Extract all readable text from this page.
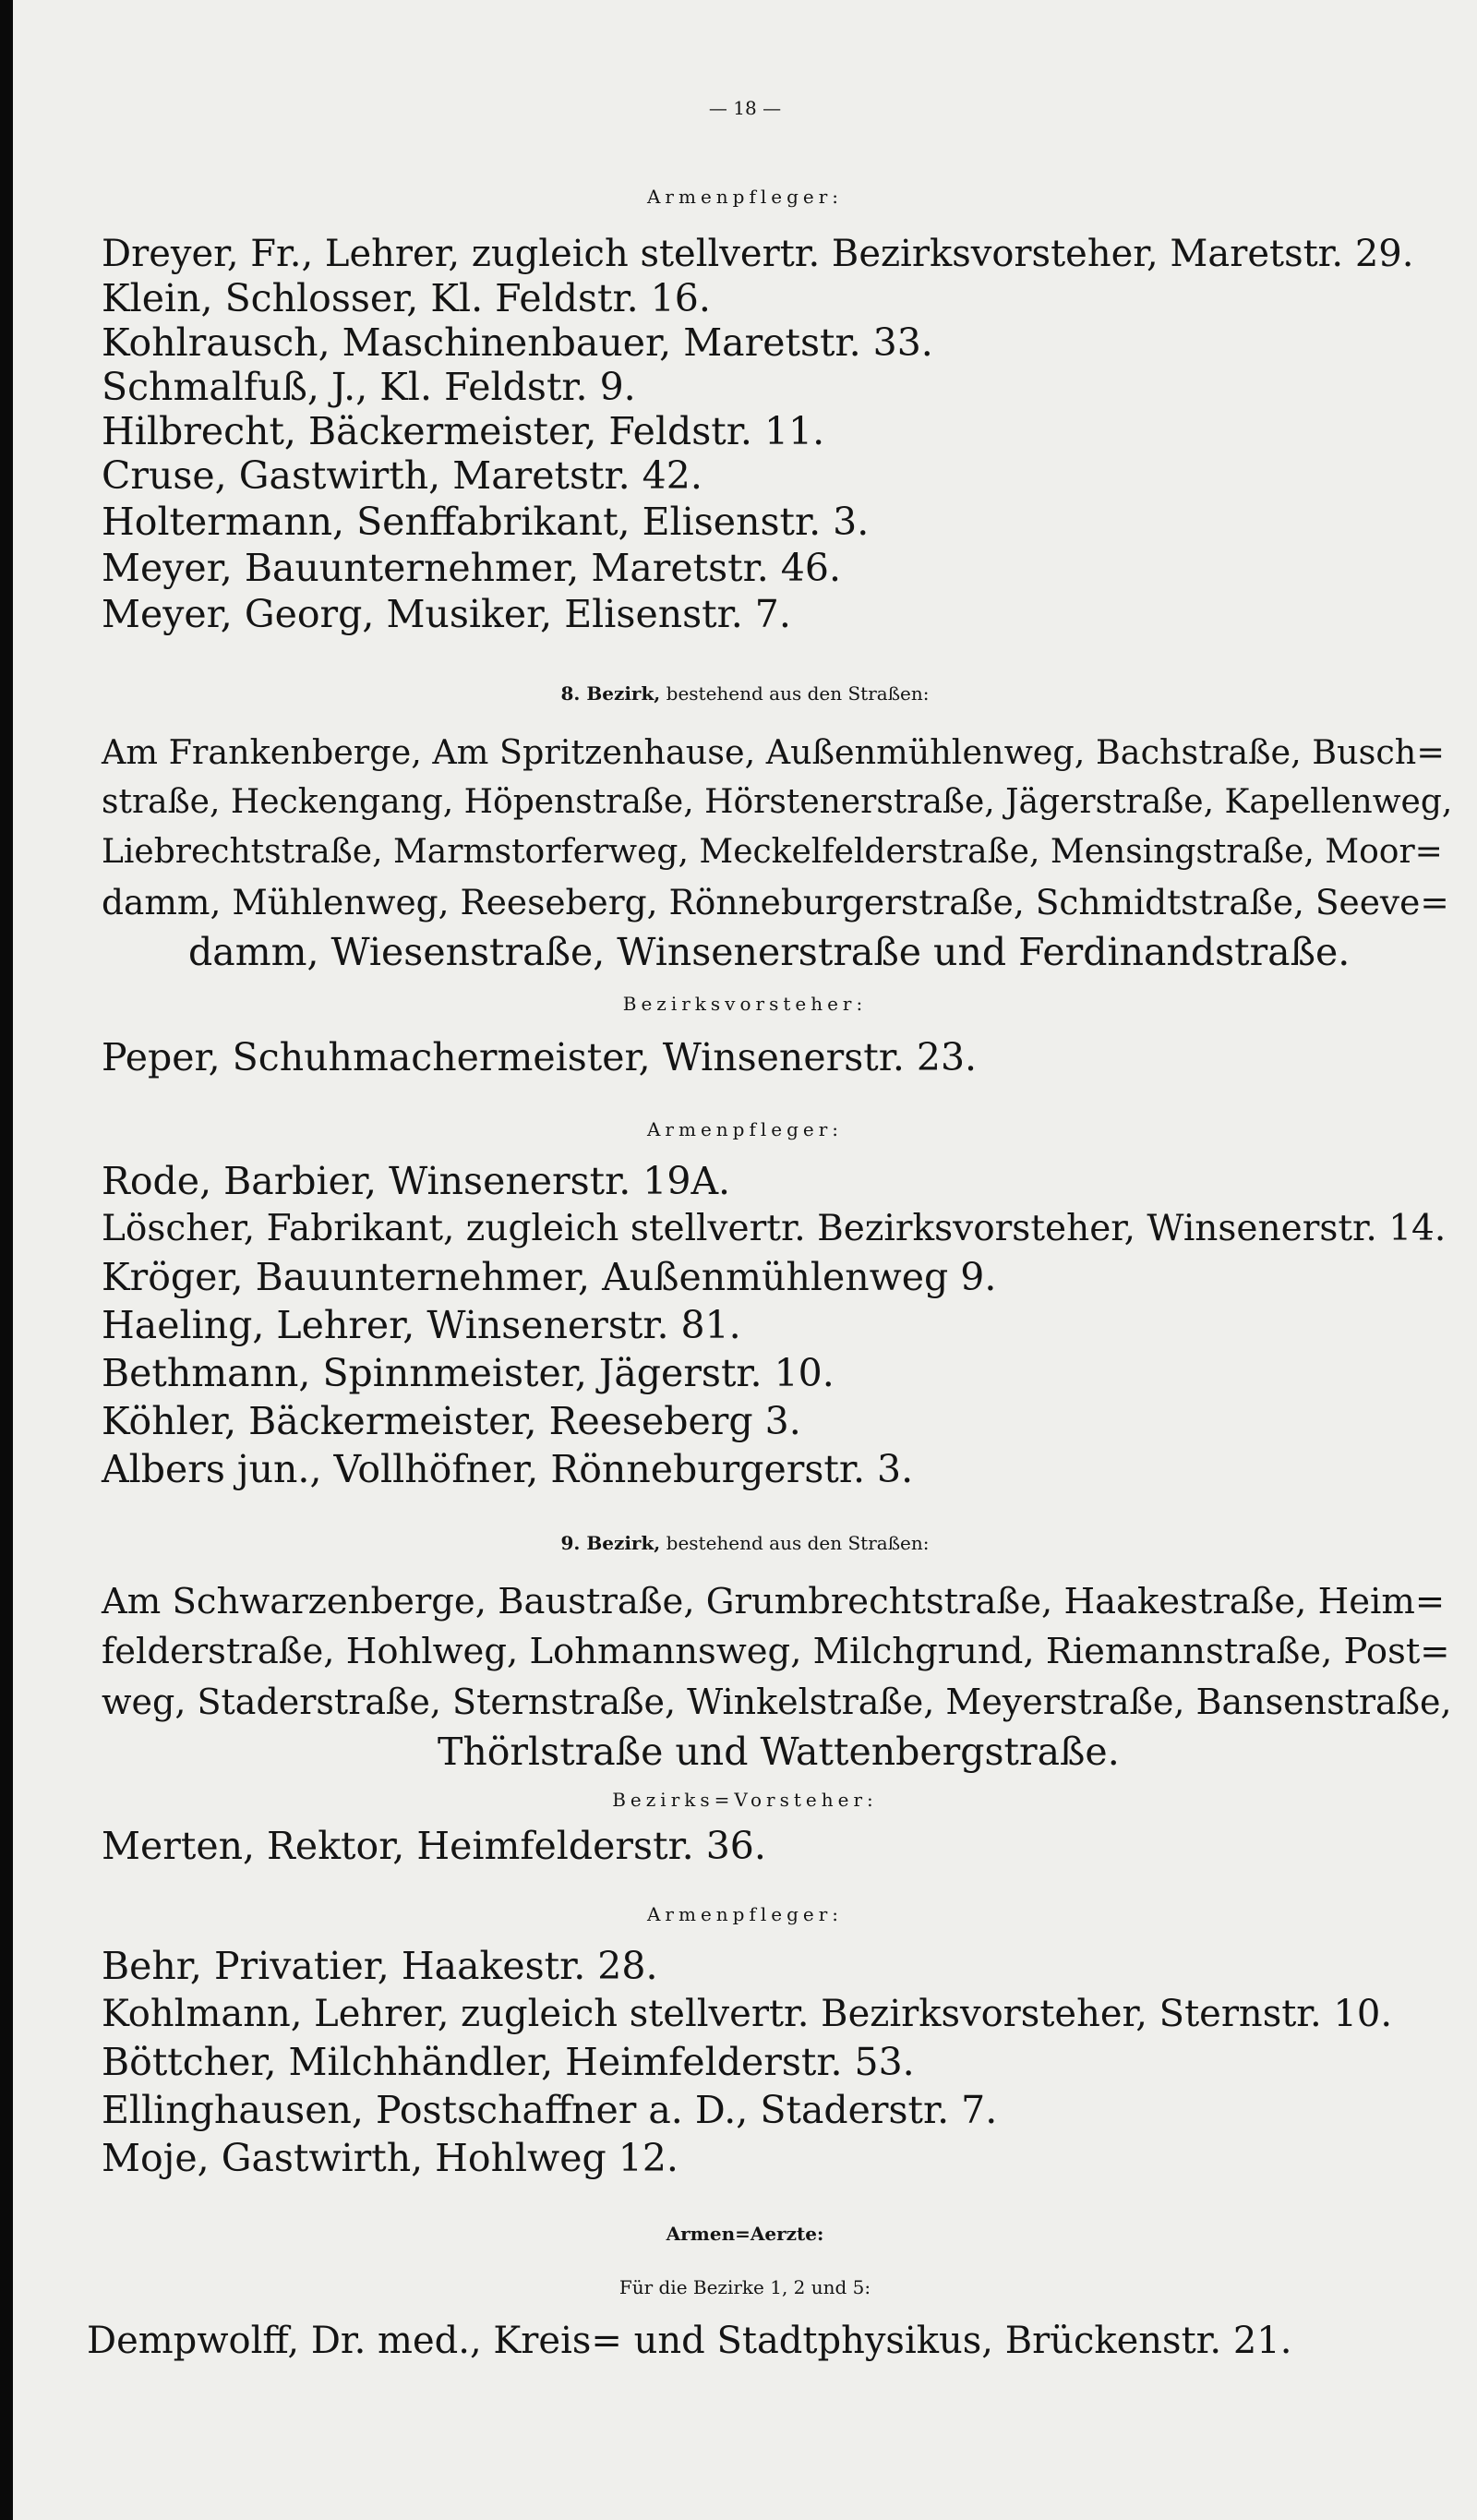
— 18 —
Armenpfleger:
Dreyer, Fr., Lehrer, zugleich stellvertr. Bezirksvorsteher, Maretstr. 29.
Klein, Schlosser, Kl. Feldstr. 16.
Kohlrausch, Maschinenbauer, Maretstr. 33.
Schmalfuß, J., Kl. Feldstr. 9.
Hilbrecht, Bäckermeister, Feldstr. 11.
Cruse, Gastwirth, Maretstr. 42.
Holtermann, Senffabrikant, Elisenstr. 3.
Meyer, Bauunternehmer, Maretstr. 46.
Meyer, Georg, Musiker, Elisenstr. 7.
8. Bezirk, bestehend aus den Straßen:
Am Frankenberge, Am Spritzenhause, Außenmühlenweg, Bachstraße, Busch=
straße, Heckengang, Höpenstraße, Hörstenerstraße, Jägerstraße, Kapellenweg,
Liebrechtstraße, Marmstorferweg, Meckelfelderstraße, Mensingstraße, Moor=
damm, Mühlenweg, Reeseberg, Rönneburgerstraße, Schmidtstraße, Seeve=
damm, Wiesenstraße, Winsenerstraße und Ferdinandstraße.
Bezirksvorsteher:
Peper, Schuhmachermeister, Winsenerstr. 23.
Armenpfleger:
Rode, Barbier, Winsenerstr. 19A.
Löscher, Fabrikant, zugleich stellvertr. Bezirksvorsteher, Winsenerstr. 14.
Kröger, Bauunternehmer, Außenmühlenweg 9.
Haeling, Lehrer, Winsenerstr. 81.
Bethmann, Spinnmeister, Jägerstr. 10.
Köhler, Bäckermeister, Reeseberg 3.
Albers jun., Vollhöfner, Rönneburgerstr. 3.
9. Bezirk, bestehend aus den Straßen:
Am Schwarzenberge, Baustraße, Grumbrechtstraße, Haakestraße, Heim=
felderstraße, Hohlweg, Lohmannsweg, Milchgrund, Riemannstraße, Post=
weg, Staderstraße, Sternstraße, Winkelstraße, Meyerstraße, Bansenstraße,
Thörlstraße und Wattenbergstraße.
Bezirks=Vorsteher:
Merten, Rektor, Heimfelderstr. 36.
Armenpfleger:
Behr, Privatier, Haakestr. 28.
Kohlmann, Lehrer, zugleich stellvertr. Bezirksvorsteher, Sternstr. 10.
Böttcher, Milchhändler, Heimfelderstr. 53.
Ellinghausen, Postschaffner a. D., Staderstr. 7.
Moje, Gastwirth, Hohlweg 12.
Armen=Aerzte:
Für die Bezirke 1, 2 und 5:
Dempwolff, Dr. med., Kreis= und Stadtphysikus, Brückenstr. 21.
